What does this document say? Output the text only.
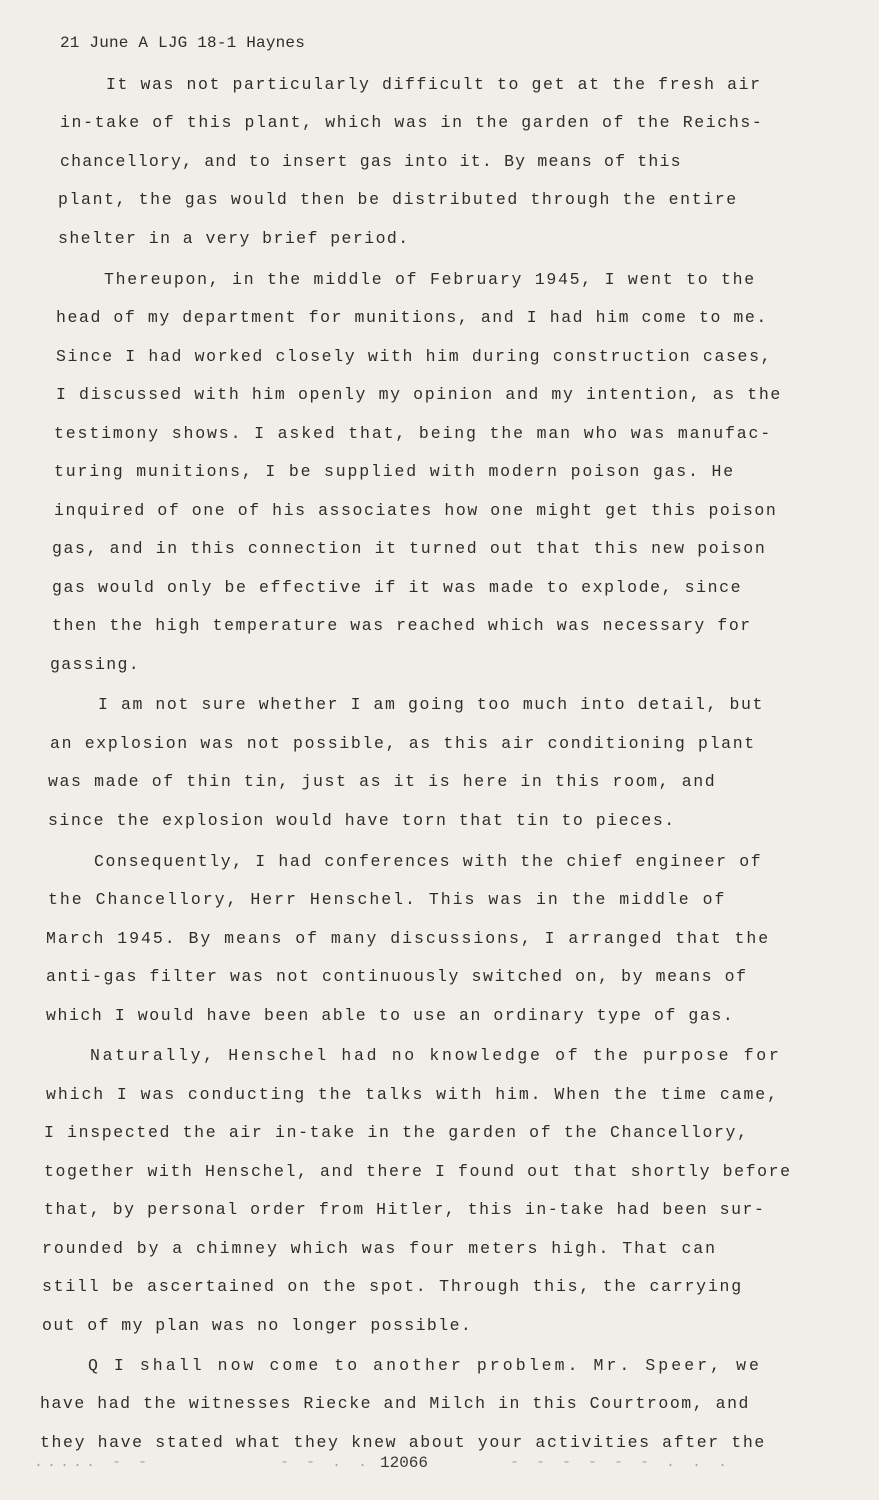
21 June A LJG 18-1 Haynes
It was not particularly difficult to get at the fresh air
in-take of this plant, which was in the garden of the Reichs-
chancellory, and to insert gas into it. By means of this
plant, the gas would then be distributed through the entire
shelter in a very brief period.
Thereupon, in the middle of February 1945, I went to the
head of my department for munitions, and I had him come to me.
Since I had worked closely with him during construction cases,
I discussed with him openly my opinion and my intention, as the
testimony shows. I asked that, being the man who was manufac-
turing munitions, I be supplied with modern poison gas. He
inquired of one of his associates how one might get this poison
gas, and in this connection it turned out that this new poison
gas would only be effective if it was made to explode, since
then the high temperature was reached which was necessary for
gassing.
I am not sure whether I am going too much into detail, but
an explosion was not possible, as this air conditioning plant
was made of thin tin, just as it is here in this room, and
since the explosion would have torn that tin to pieces.
Consequently, I had conferences with the chief engineer of
the Chancellory, Herr Henschel. This was in the middle of
March 1945. By means of many discussions, I arranged that the
anti-gas filter was not continuously switched on, by means of
which I would have been able to use an ordinary type of gas.
Naturally, Henschel had no knowledge of the purpose for
which I was conducting the talks with him. When the time came,
I inspected the air in-take in the garden of the Chancellory,
together with Henschel, and there I found out that shortly before
that, by personal order from Hitler, this in-take had been sur-
rounded by a chimney which was four meters high. That can
still be ascertained on the spot. Through this, the carrying
out of my plan was no longer possible.
Q I shall now come to another problem. Mr. Speer, we
have had the witnesses Riecke and Milch in this Courtroom, and
they have stated what they knew about your activities after the
..... - -	- - . . 12066	- - - - - - . . .
